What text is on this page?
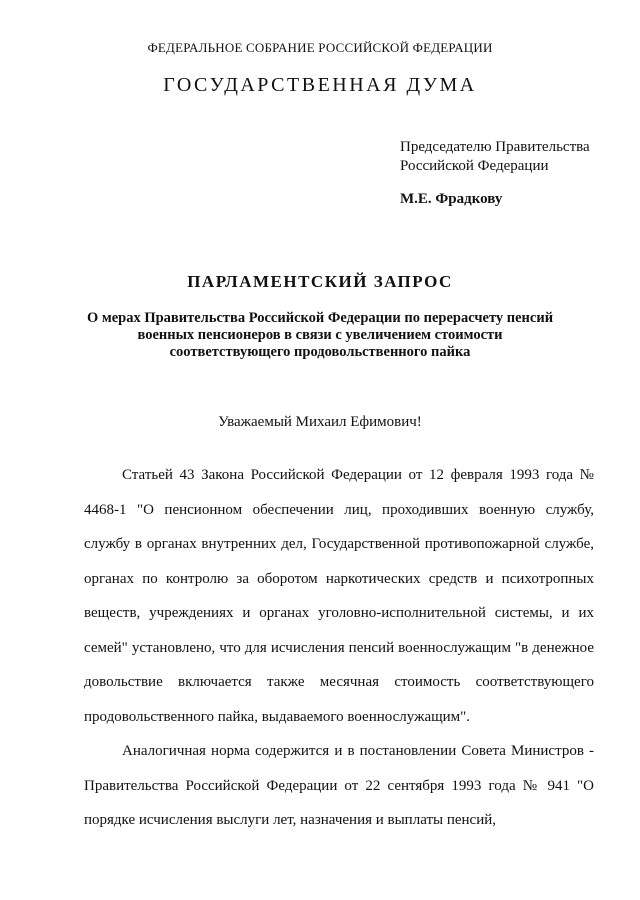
ФЕДЕРАЛЬНОЕ СОБРАНИЕ РОССИЙСКОЙ ФЕДЕРАЦИИ
ГОСУДАРСТВЕННАЯ ДУМА
Председателю Правительства
Российской Федерации
М.Е. Фрадкову
ПАРЛАМЕНТСКИЙ ЗАПРОС
О мерах Правительства Российской Федерации по перерасчету пенсий военных пенсионеров в связи с увеличением стоимости соответствующего продовольственного пайка
Уважаемый Михаил Ефимович!

Статьей 43 Закона Российской Федерации от 12 февраля 1993 года № 4468-1 "О пенсионном обеспечении лиц, проходивших военную службу, службу в органах внутренних дел, Государственной противопожарной службе, органах по контролю за оборотом наркотических средств и психотропных веществ, учреждениях и органах уголовно-исполнительной системы, и их семей" установлено, что для исчисления пенсий военнослужащим "в денежное довольствие включается также месячная стоимость соответствующего продовольственного пайка, выдаваемого военнослужащим".

Аналогичная норма содержится и в постановлении Совета Министров - Правительства Российской Федерации от 22 сентября 1993 года № 941 "О порядке исчисления выслуги лет, назначения и выплаты пенсий,
